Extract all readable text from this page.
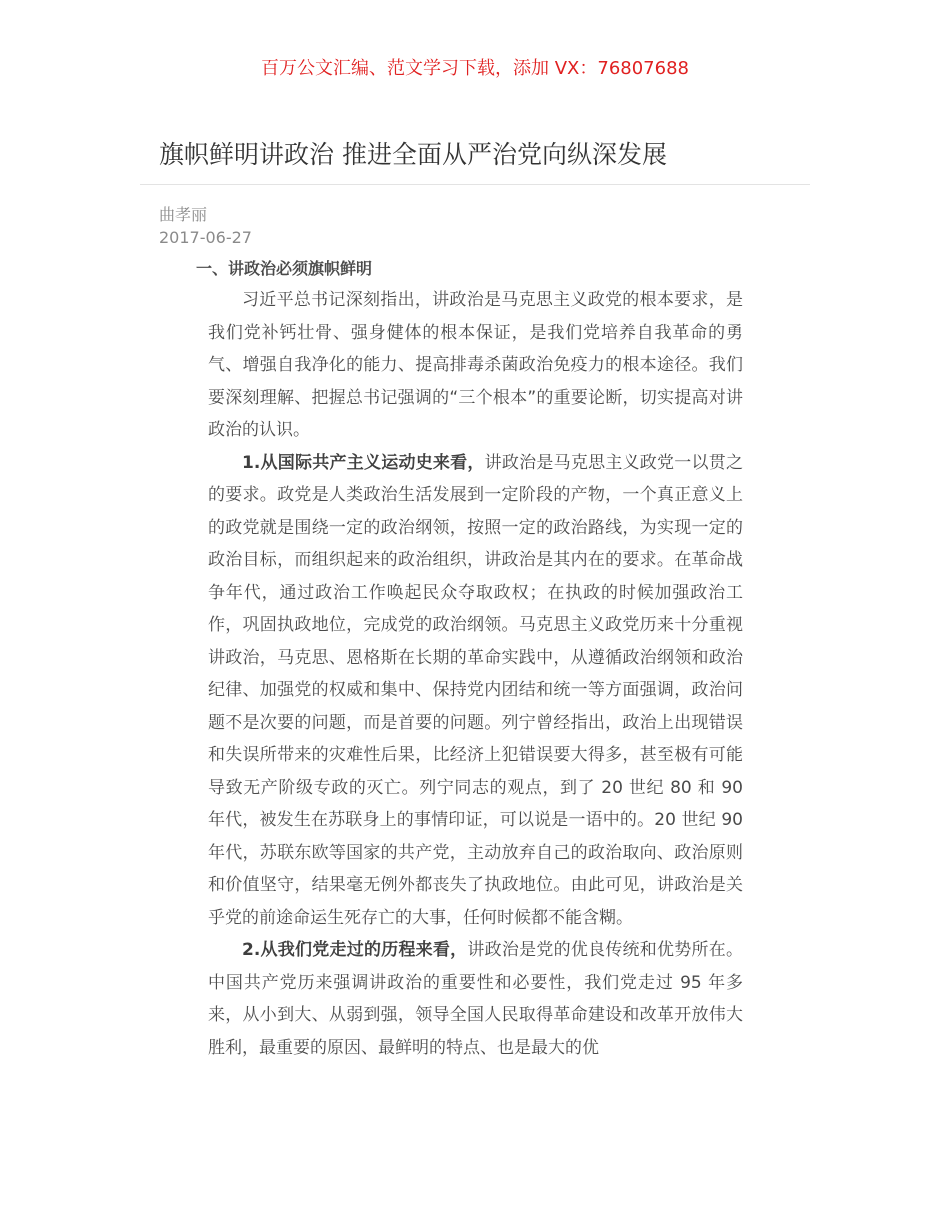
百万公文汇编、范文学习下载，添加 VX：76807688
旗帜鲜明讲政治 推进全面从严治党向纵深发展
曲孝丽
2017-06-27
一、讲政治必须旗帜鲜明

习近平总书记深刻指出，讲政治是马克思主义政党的根本要求，是我们党补钙壮骨、强身健体的根本保证，是我们党培养自我革命的勇气、增强自我净化的能力、提高排毒杀菌政治免疫力的根本途径。我们要深刻理解、把握总书记强调的“三个根本”的重要论断，切实提高对讲政治的认识。

1.从国际共产主义运动史来看，讲政治是马克思主义政党一以贯之的要求。政党是人类政治生活发展到一定阶段的产物，一个真正意义上的政党就是围绕一定的政治纲领，按照一定的政治路线，为实现一定的政治目标，而组织起来的政治组织，讲政治是其内在的要求。在革命战争年代，通过政治工作唤起民众夺取政权；在执政的时候加强政治工作，巩固执政地位，完成党的政治纲领。马克思主义政党历来十分重视讲政治，马克思、恩格斯在长期的革命实践中，从遵循政治纲领和政治纪律、加强党的权威和集中、保持党内团结和统一等方面强调，政治问题不是次要的问题，而是首要的问题。列宁曾经指出，政治上出现错误和失误所带来的灾难性后果，比经济上犯错误要大得多，甚至极有可能导致无产阶级专政的灭亡。列宁同志的观点，到了 20 世纪 80 和 90 年代，被发生在苏联身上的事情印证，可以说是一语中的。20 世纪 90 年代，苏联东欧等国家的共产党，主动放弃自己的政治取向、政治原则和价值坚守，结果毫无例外都丧失了执政地位。由此可见，讲政治是关乎党的前途命运生死存亡的大事，任何时候都不能含糊。

2.从我们党走过的历程来看，讲政治是党的优良传统和优势所在。中国共产党历来强调讲政治的重要性和必要性，我们党走过 95 年多来，从小到大、从弱到强，领导全国人民取得革命建设和改革开放伟大胜利，最重要的原因、最鲜明的特点、也是最大的优
